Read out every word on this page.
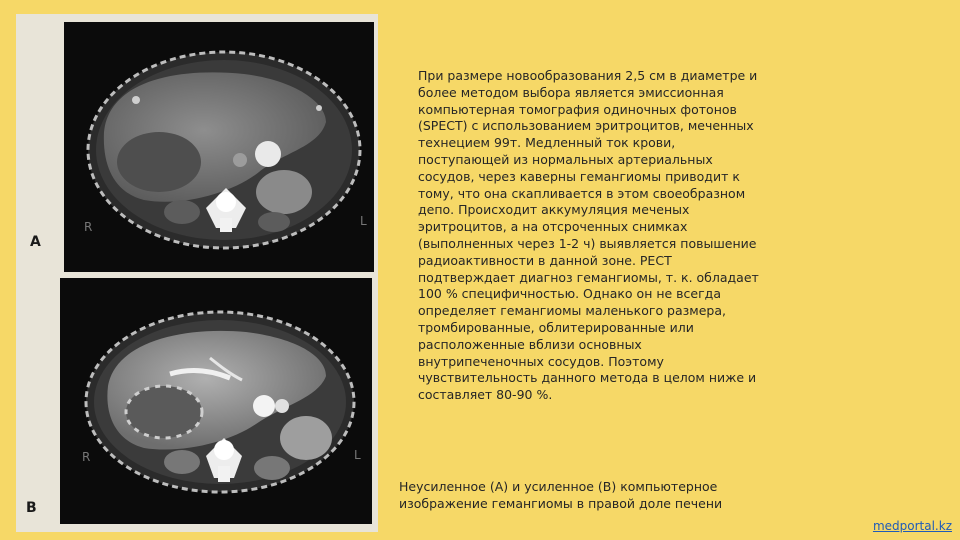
R	L
R	L
A
B

При размере новообразования 2,5 см в диаметре и более методом выбора является эмиссионная компьютерная томография одиночных фотонов (SPECT) с использованием эритроцитов, меченных технецием 99т. Медленный ток крови, поступающей из нормальных артериальных сосудов, через каверны гемангиомы приводит к тому, что она скапливается в этом своеобразном депо. Происходит аккумуляция меченых эритроцитов, а на отсроченных снимках (выполненных через 1-2 ч) выявляется повышение радиоактивности в данной зоне. PECT подтверждает диагноз гемангиомы, т. к. обладает 100 % специфичностью. Однако он не всегда определяет гемангиомы маленького размера, тромбированные, облитерированные или расположенные вблизи основных внутрипеченочных сосудов. Поэтому чувствительность данного метода в целом ниже и составляет 80-90 %.

Неусиленное (А) и усиленное (В) компьютерное изображение гемангиомы в правой доле печени

medportal.kz
